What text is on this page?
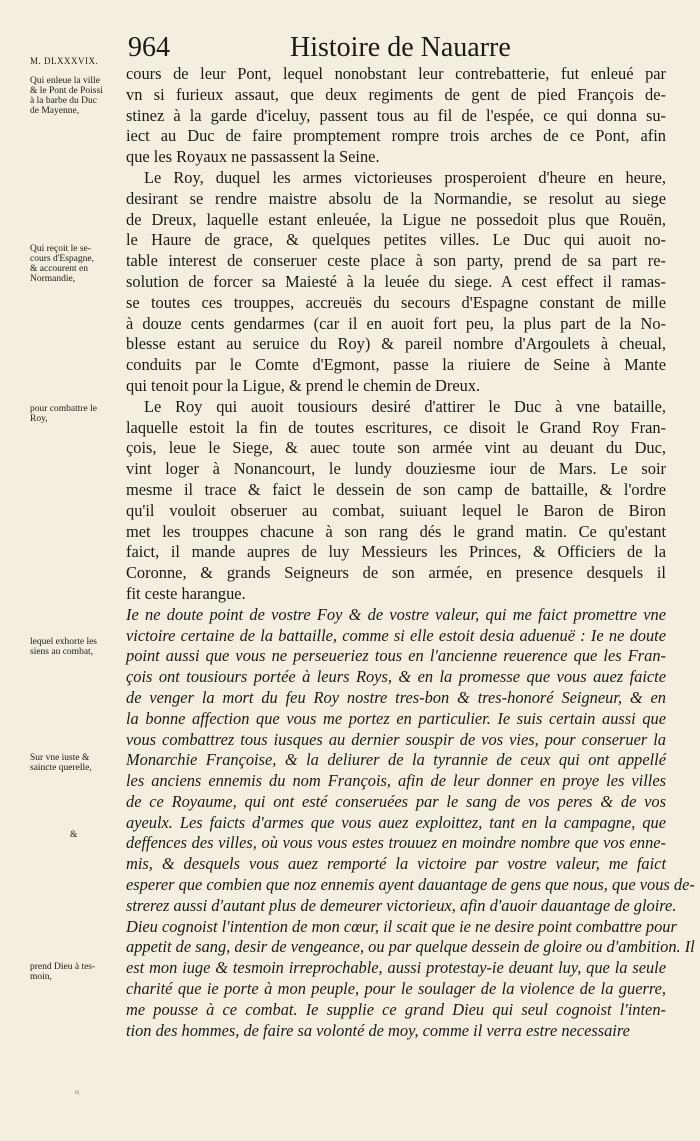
M. DLXXXVIX. 964	Histoire de Nauarre
Qui enleue la ville
& le Pont de Poissi
à la barbe du Duc
de Mayenne,
Qui reçoit le se-
cours d'Espagne,
& accourent en
Normandie,
pour combattre le
Roy,
lequel exhorte les
siens au combat,
Sur vne iuste &
saincte querelle,
&
prend Dieu à tes-
moin,
cours de leur Pont, lequel nonobstant leur contrebatterie, fut enleué par
vn si furieux assaut, que deux regiments de gent de pied François de-
stinez à la garde d'iceluy, passent tous au fil de l'espée, ce qui donna su-
iect au Duc de faire promptement rompre trois arches de ce Pont, afin
que les Royaux ne passassent la Seine.
Le Roy, duquel les armes victorieuses prosperoient d'heure en heure,
desirant se rendre maistre absolu de la Normandie, se resolut au siege
de Dreux, laquelle estant enleuée, la Ligue ne possedoit plus que Rouën,
le Haure de grace, & quelques petites villes. Le Duc qui auoit no-
table interest de conseruer ceste place à son party, prend de sa part re-
solution de forcer sa Maiesté à la leuée du siege. A cest effect il ramas-
se toutes ces trouppes, accreuës du secours d'Espagne constant de mille
à douze cents gendarmes (car il en auoit fort peu, la plus part de la No-
blesse estant au seruice du Roy) & pareil nombre d'Argoulets à cheual,
conduits par le Comte d'Egmont, passe la riuiere de Seine à Mante
qui tenoit pour la Ligue, & prend le chemin de Dreux.
Le Roy qui auoit tousiours desiré d'attirer le Duc à vne bataille,
laquelle estoit la fin de toutes escritures, ce disoit le Grand Roy Fran-
çois, leue le Siege, & auec toute son armée vint au deuant du Duc,
vint loger à Nonancourt, le lundy douziesme iour de Mars. Le soir
mesme il trace & faict le dessein de son camp de battaille, & l'ordre
qu'il vouloit obseruer au combat, suiuant lequel le Baron de Biron
met les trouppes chacune à son rang dés le grand matin. Ce qu'estant
faict, il mande aupres de luy Messieurs les Princes, & Officiers de la
Coronne, & grands Seigneurs de son armée, en presence desquels il
fit ceste harangue.
Ie ne doute point de vostre Foy & de vostre valeur, qui me faict promettre vne
victoire certaine de la battaille, comme si elle estoit desia aduenuë : Ie ne doute
point aussi que vous ne perseueriez tous en l'ancienne reuerence que les Fran-
çois ont tousiours portée à leurs Roys, & en la promesse que vous auez faicte
de venger la mort du feu Roy nostre tres-bon & tres-honoré Seigneur, & en
la bonne affection que vous me portez en particulier. Ie suis certain aussi que
vous combattrez tous iusques au dernier souspir de vos vies, pour conseruer la
Monarchie Françoise, & la deliurer de la tyrannie de ceux qui ont appellé
les anciens ennemis du nom François, afin de leur donner en proye les villes
de ce Royaume, qui ont esté conseruées par le sang de vos peres & de vos
ayeulx. Les faicts d'armes que vous auez exploittez, tant en la campagne, que
deffences des villes, où vous vous estes trouuez en moindre nombre que vos enne-
mis, & desquels vous auez remporté la victoire par vostre valeur, me faict
esperer que combien que noz ennemis ayent dauantage de gens que nous, que vous de-
strerez aussi d'autant plus de demeurer victorieux, afin d'auoir dauantage de gloire.
Dieu cognoist l'intention de mon cœur, il scait que ie ne desire point combattre pour
appetit de sang, desir de vengeance, ou par quelque dessein de gloire ou d'ambition. Il
est mon iuge & tesmoin irreprochable, aussi protestay-ie deuant luy, que la seule
charité que ie porte à mon peuple, pour le soulager de la violence de la guerre,
me pousse à ce combat. Ie supplie ce grand Dieu qui seul cognoist l'inten-
tion des hommes, de faire sa volonté de moy, comme il verra estre necessaire
«
